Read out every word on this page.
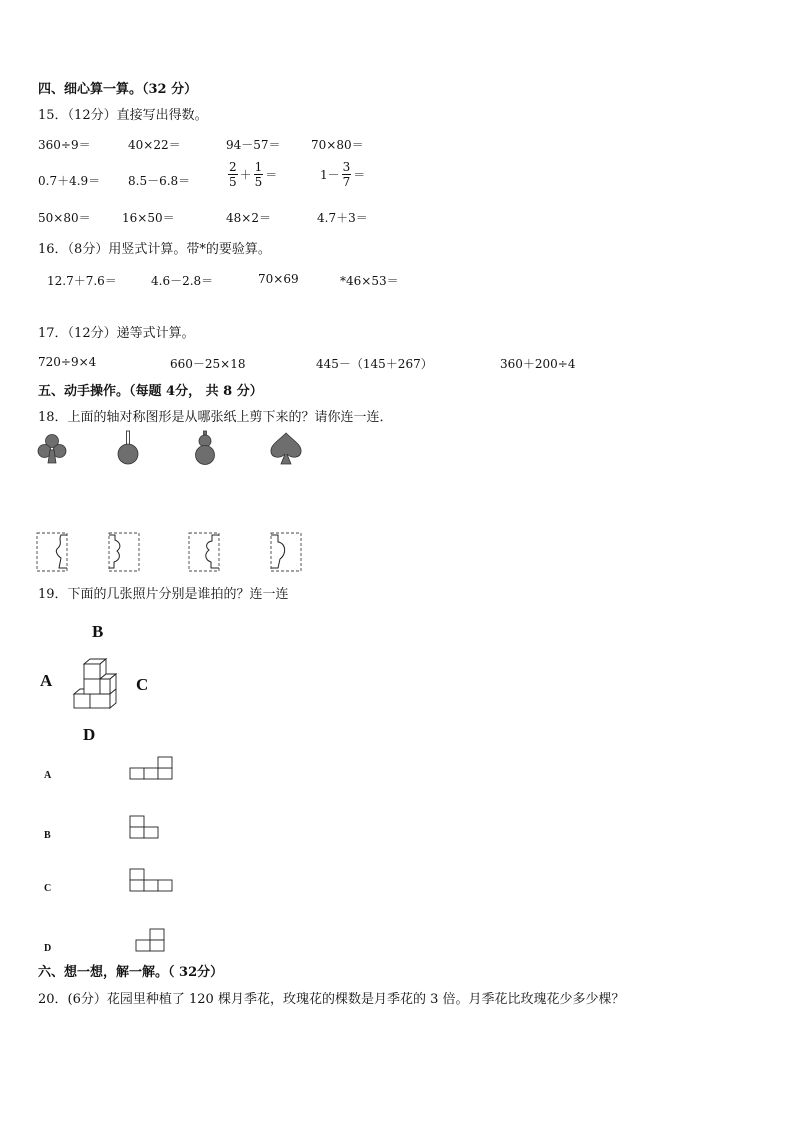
四、细心算一算。（32 分）
15．（12分）直接写出得数。
360÷9＝	40×22＝	94－57＝	70×80＝
0.7＋4.9＝ 8.5－6.8＝	$\frac{2}{5} + \frac{1}{5}$ ＝	$1- \frac{3}{7}$ ＝
50×80＝	16×50＝	48×2＝	4.7＋3＝
16．（8分）用竖式计算。带*的要验算。
12.7＋7.6＝	4.6－2.8＝	70×69	*46×53＝
17．（12分）递等式计算。
720÷9×4	660－25×18	445－（145＋267）	360＋200÷4
五、动手操作。（每题 4分， 共 8 分）
18．上面的轴对称图形是从哪张纸上剪下来的？请你连一连．
19．下面的几张照片分别是谁拍的？连一连
B
A	C
D
A
B
C
D
六、想一想，解一解。（ 32分）
20．(6分）花园里种植了 120 棵月季花，玫瑰花的棵数是月季花的 3 倍。月季花比玫瑰花少多少棵？
